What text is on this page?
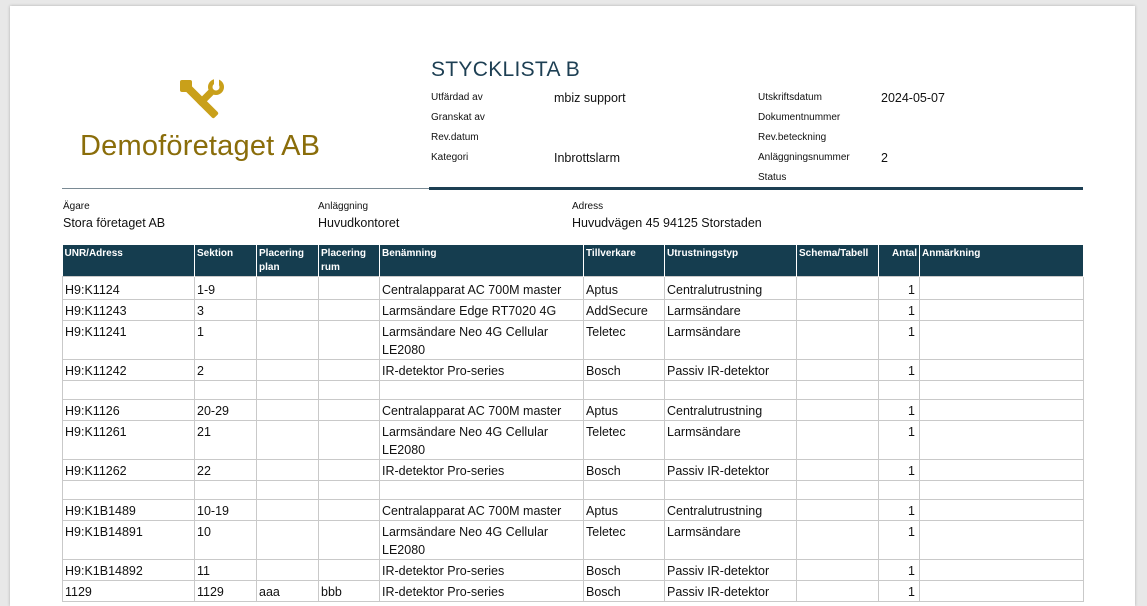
Demoföretaget AB
STYCKLISTA B
Utfärdad av	mbiz support
Granskat av
Rev.datum
Kategori	Inbrottslarm
Utskriftsdatum	2024-05-07
Dokumentnummer
Rev.beteckning
Anläggningsnummer	2
Status
Ägare
Stora företaget AB
Anläggning
Huvudkontoret
Adress
Huvudvägen 45 94125 Storstaden
UNR/Adress	Sektion	Placering plan	Placering rum	Benämning	Tillverkare	Utrustningstyp	Schema/Tabell	Antal	Anmärkning
H9:K1124	1-9			Centralapparat AC 700M master	Aptus	Centralutrustning		1	
H9:K11243	3			Larmsändare Edge RT7020 4G	AddSecure	Larmsändare		1	
H9:K11241	1			Larmsändare Neo 4G Cellular LE2080	Teletec	Larmsändare		1	
H9:K11242	2			IR-detektor Pro-series	Bosch	Passiv IR-detektor		1	

H9:K1126	20-29			Centralapparat AC 700M master	Aptus	Centralutrustning		1	
H9:K11261	21			Larmsändare Neo 4G Cellular LE2080	Teletec	Larmsändare		1	
H9:K11262	22			IR-detektor Pro-series	Bosch	Passiv IR-detektor		1	

H9:K1B1489	10-19			Centralapparat AC 700M master	Aptus	Centralutrustning		1	
H9:K1B14891	10			Larmsändare Neo 4G Cellular LE2080	Teletec	Larmsändare		1	
H9:K1B14892	11			IR-detektor Pro-series	Bosch	Passiv IR-detektor		1	
1129	1129	aaa	bbb	IR-detektor Pro-series	Bosch	Passiv IR-detektor		1	
